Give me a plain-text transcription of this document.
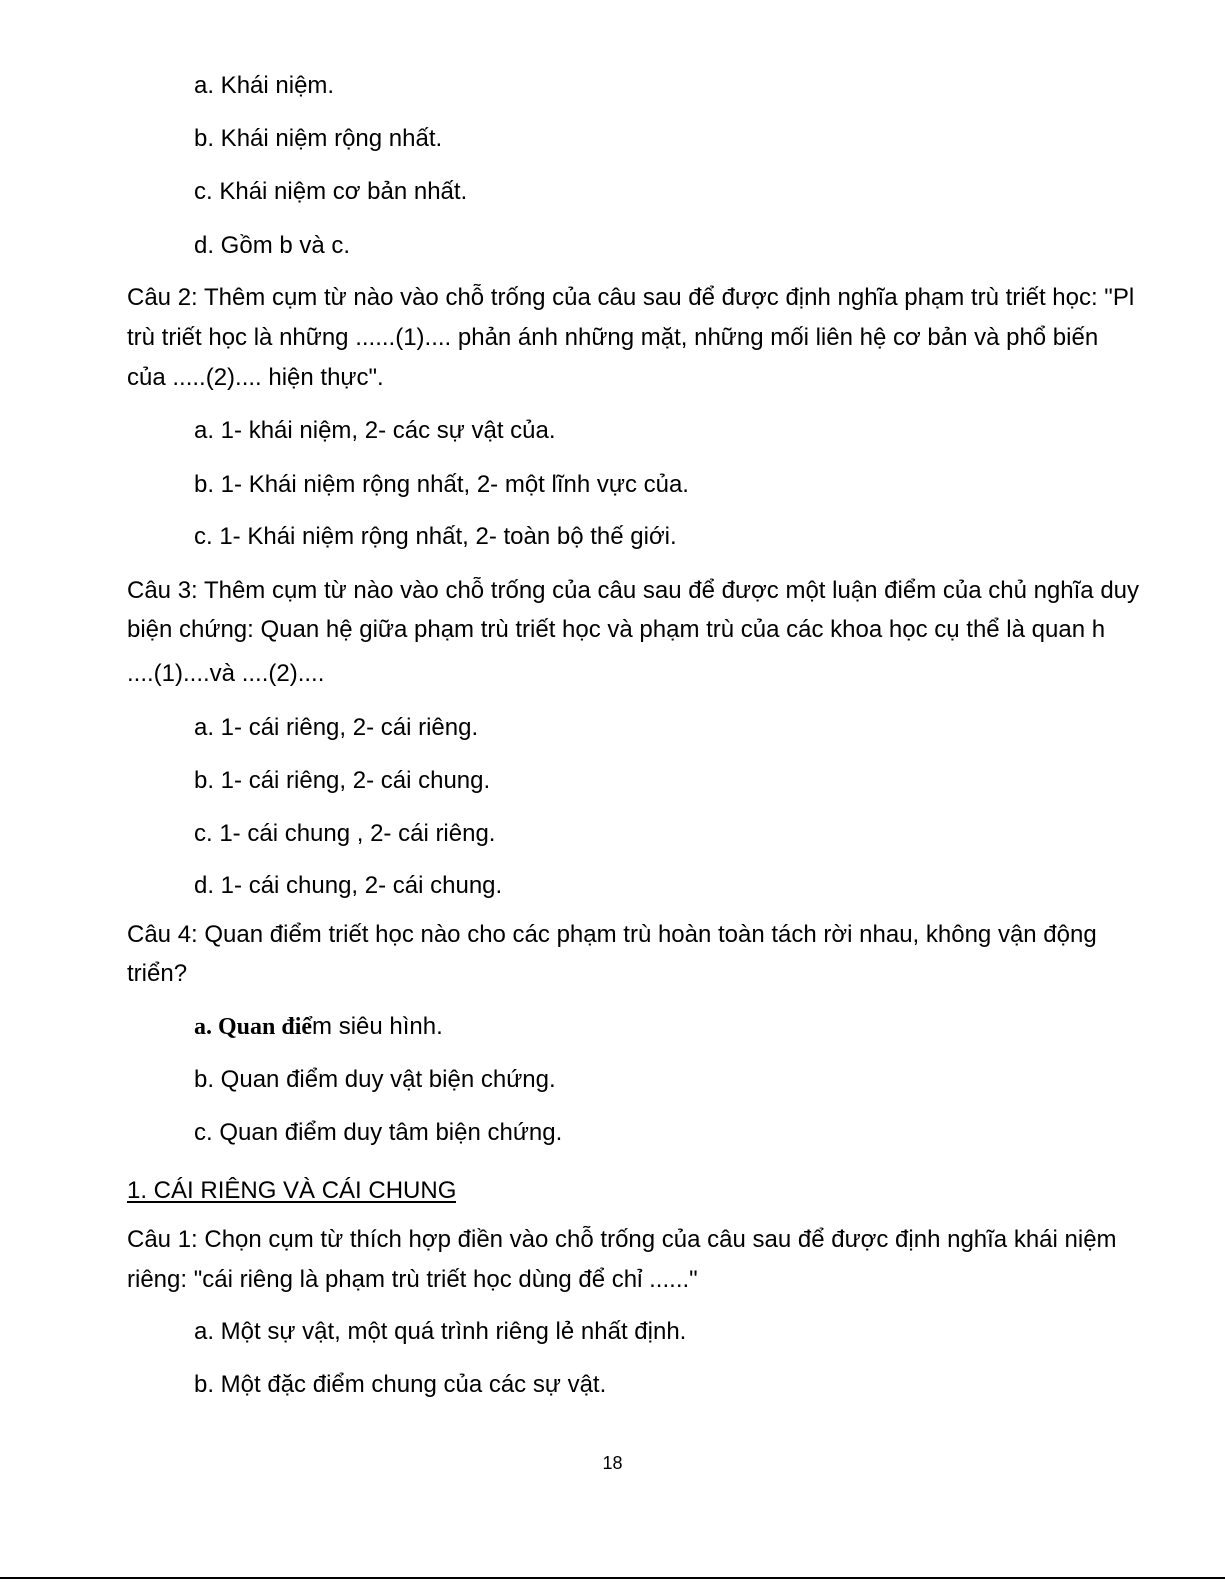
a. Khái niệm.
b. Khái niệm rộng nhất.
c. Khái niệm cơ bản nhất.
d. Gồm b và c.
Câu 2: Thêm cụm từ nào vào chỗ trống của câu sau để được định nghĩa phạm trù triết học: "Pl
trù triết học là những ......(1).... phản ánh những mặt, những mối liên hệ cơ bản và phổ biến
của .....(2).... hiện thực".
a. 1- khái niệm, 2- các sự vật của.
b. 1- Khái niệm rộng nhất, 2- một lĩnh vực của.
c. 1- Khái niệm rộng nhất, 2- toàn bộ thế giới.
Câu 3: Thêm cụm từ nào vào chỗ trống của câu sau để được một luận điểm của chủ nghĩa duy
biện chứng: Quan hệ giữa phạm trù triết học và phạm trù của các khoa học cụ thể là quan h
....(1)....và ....(2)....
a. 1- cái riêng, 2- cái riêng.
b. 1- cái riêng, 2- cái chung.
c. 1- cái chung , 2- cái riêng.
d. 1- cái chung, 2- cái chung.
Câu 4: Quan điểm triết học nào cho các phạm trù hoàn toàn tách rời nhau, không vận động
triển?
a. Quan điểm siêu hình.
b. Quan điểm duy vật biện chứng.
c. Quan điểm duy tâm biện chứng.
1. CÁI RIÊNG VÀ CÁI CHUNG
Câu 1: Chọn cụm từ thích hợp điền vào chỗ trống của câu sau để được định nghĩa khái niệm
riêng: "cái riêng là phạm trù triết học dùng để chỉ ......"
a. Một sự vật, một quá trình riêng lẻ nhất định.
b. Một đặc điểm chung của các sự vật.
18
